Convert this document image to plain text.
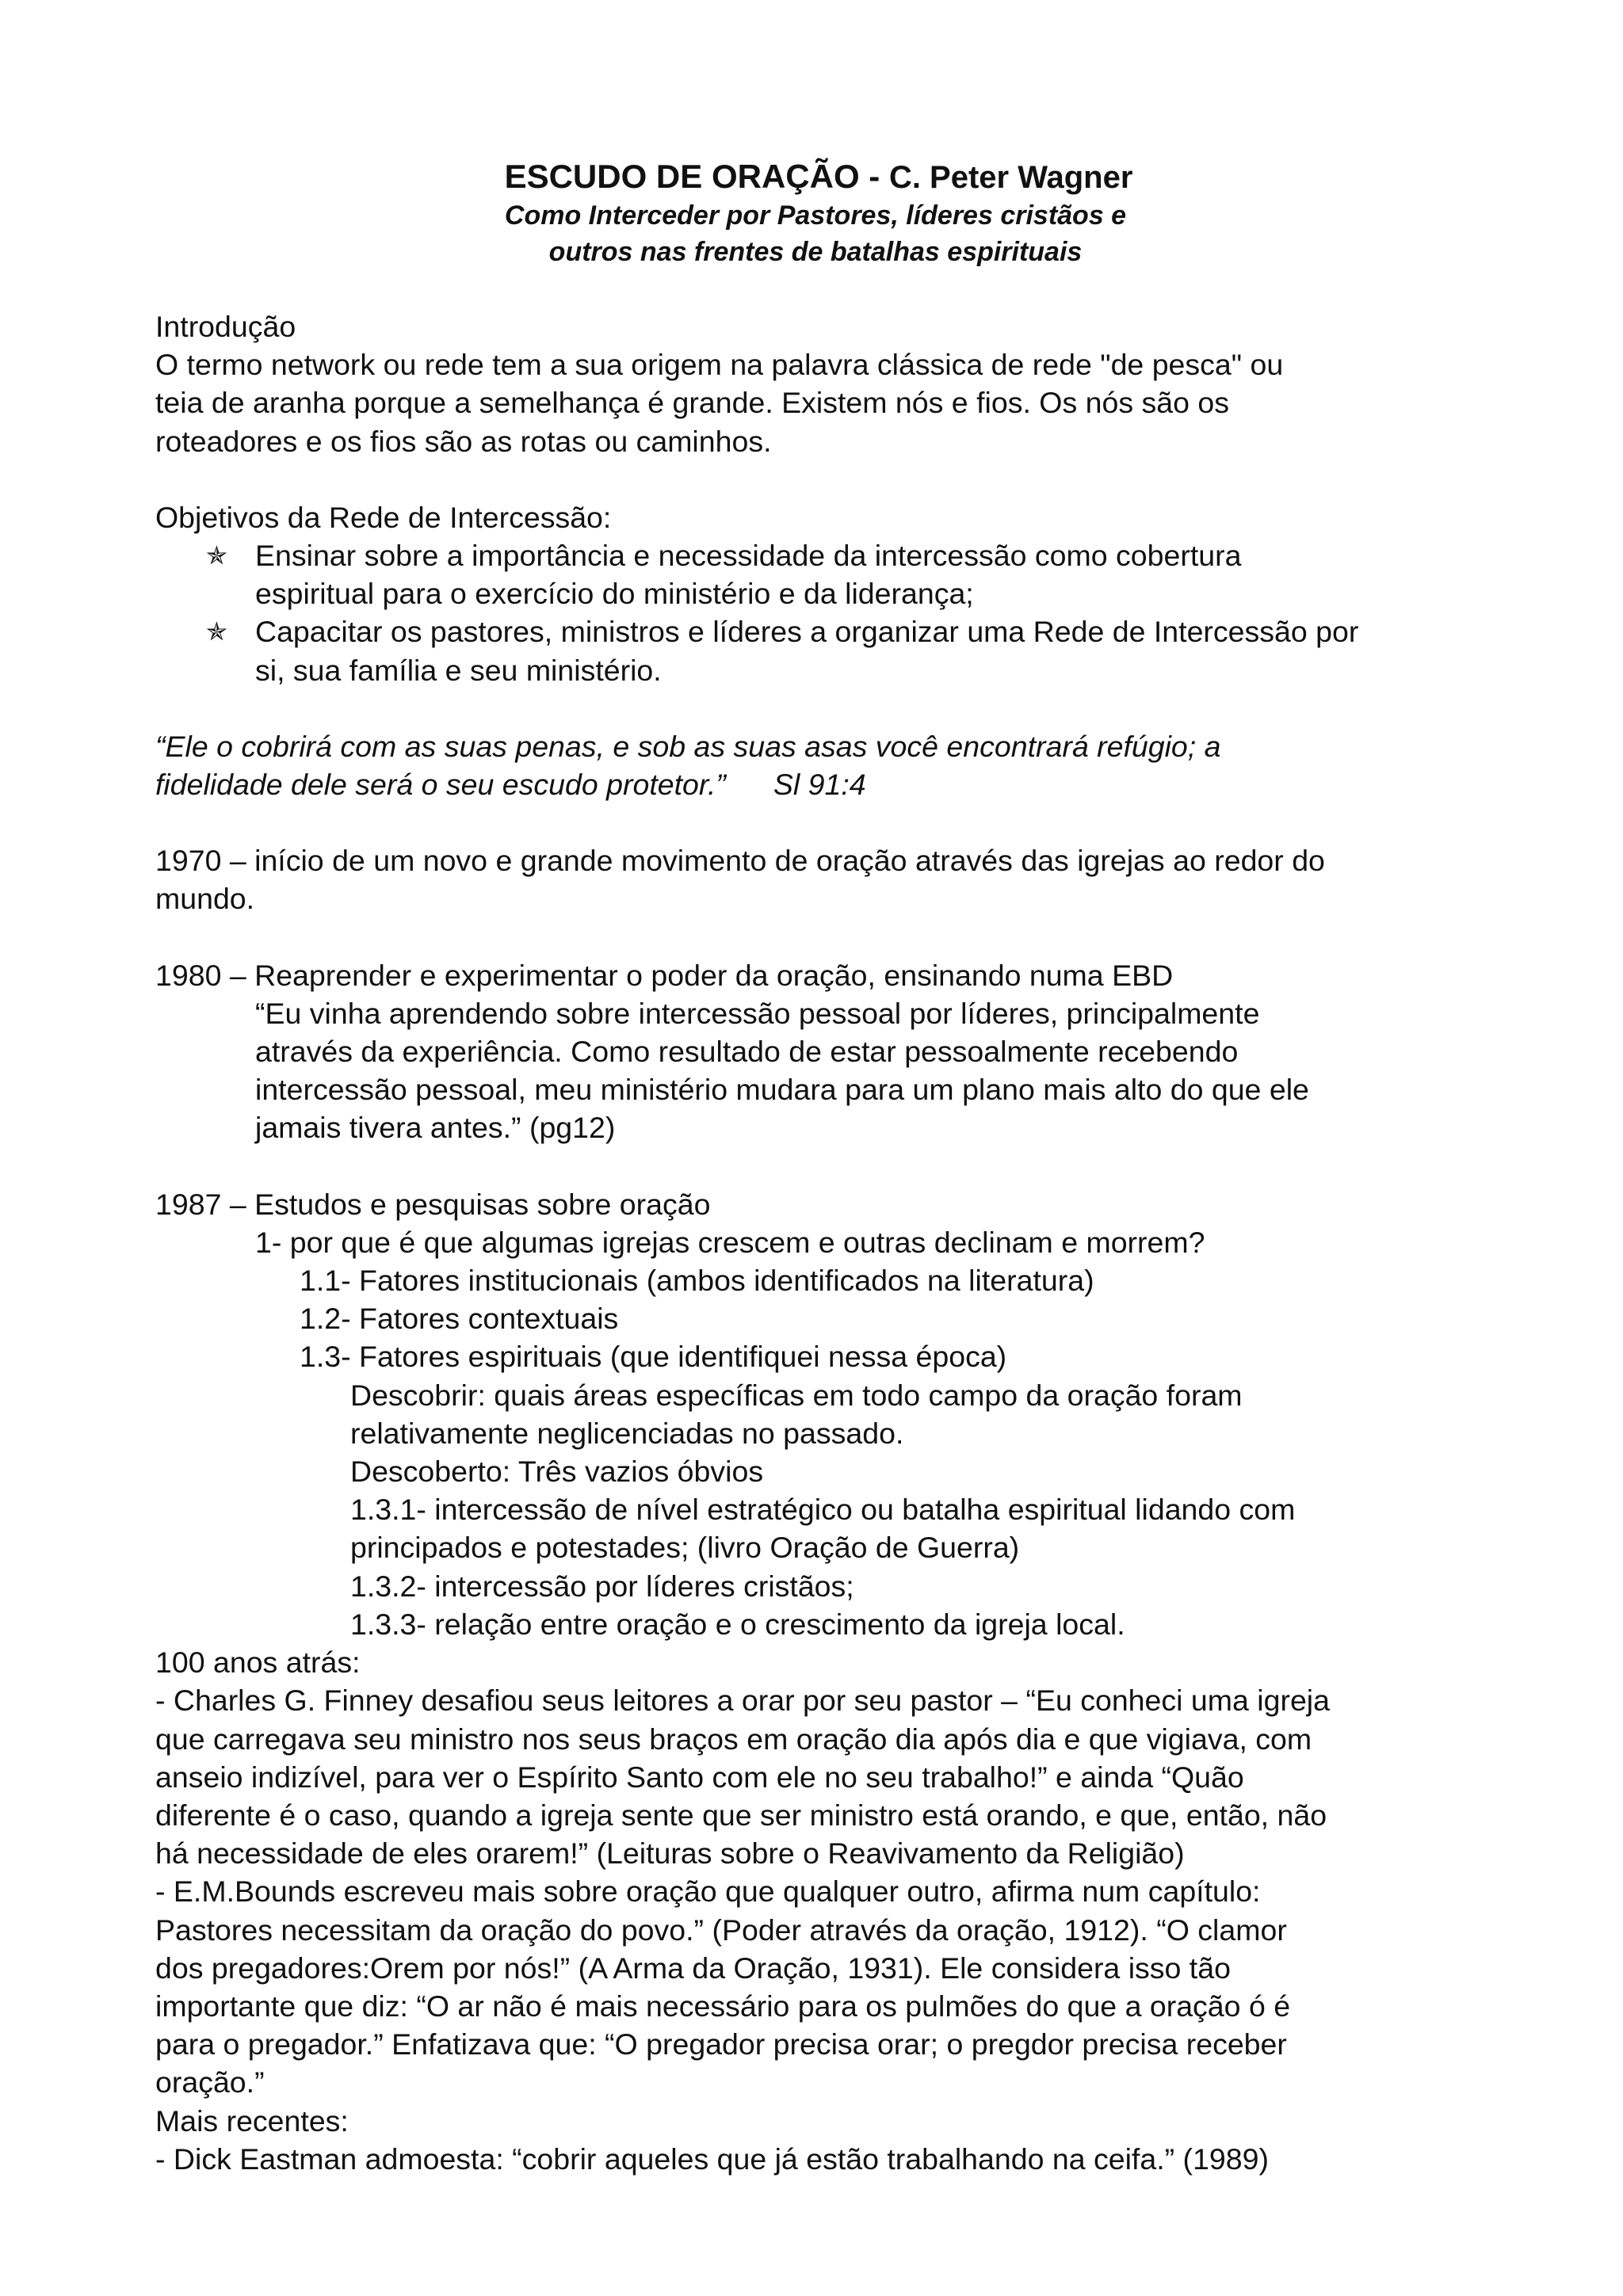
ESCUDO DE ORAÇÃO - C. Peter Wagner
Como Interceder por Pastores, líderes cristãos e
outros nas frentes de batalhas espirituais

Introdução

O termo network ou rede tem a sua origem na palavra clássica de rede "de pesca" ou

teia de aranha porque a semelhança é grande. Existem nós e fios. Os nós são os

roteadores e os fios são as rotas ou caminhos.

Objetivos da Rede de Intercessão:

✯ Ensinar sobre a importância e necessidade da intercessão como cobertura

espiritual para o exercício do ministério e da liderança;

✯ Capacitar os pastores, ministros e líderes a organizar uma Rede de Intercessão por

si, sua família e seu ministério.

“Ele o cobrirá com as suas penas, e sob as suas asas você encontrará refúgio; a

fidelidade dele será o seu escudo protetor.” Sl 91:4

1970 – início de um novo e grande movimento de oração através das igrejas ao redor do

mundo.

1980 – Reaprender e experimentar o poder da oração, ensinando numa EBD

“Eu vinha aprendendo sobre intercessão pessoal por líderes, principalmente

através da experiência. Como resultado de estar pessoalmente recebendo

intercessão pessoal, meu ministério mudara para um plano mais alto do que ele

jamais tivera antes.” (pg12)

1987 – Estudos e pesquisas sobre oração

1- por que é que algumas igrejas crescem e outras declinam e morrem?

1.1- Fatores institucionais (ambos identificados na literatura)

1.2- Fatores contextuais

1.3- Fatores espirituais (que identifiquei nessa época)

Descobrir: quais áreas específicas em todo campo da oração foram

relativamente neglicenciadas no passado.

Descoberto: Três vazios óbvios

1.3.1- intercessão de nível estratégico ou batalha espiritual lidando com

principados e potestades; (livro Oração de Guerra)

1.3.2- intercessão por líderes cristãos;

1.3.3- relação entre oração e o crescimento da igreja local.

100 anos atrás:

- Charles G. Finney desafiou seus leitores a orar por seu pastor – “Eu conheci uma igreja

que carregava seu ministro nos seus braços em oração dia após dia e que vigiava, com

anseio indizível, para ver o Espírito Santo com ele no seu trabalho!” e ainda “Quão

diferente é o caso, quando a igreja sente que ser ministro está orando, e que, então, não

há necessidade de eles orarem!” (Leituras sobre o Reavivamento da Religião)

- E.M.Bounds escreveu mais sobre oração que qualquer outro, afirma num capítulo:

Pastores necessitam da oração do povo.” (Poder através da oração, 1912). “O clamor

dos pregadores:Orem por nós!” (A Arma da Oração, 1931). Ele considera isso tão

importante que diz: “O ar não é mais necessário para os pulmões do que a oração ó é

para o pregador.” Enfatizava que: “O pregador precisa orar; o pregdor precisa receber

oração.”

Mais recentes:

- Dick Eastman admoesta: “cobrir aqueles que já estão trabalhando na ceifa.” (1989)
